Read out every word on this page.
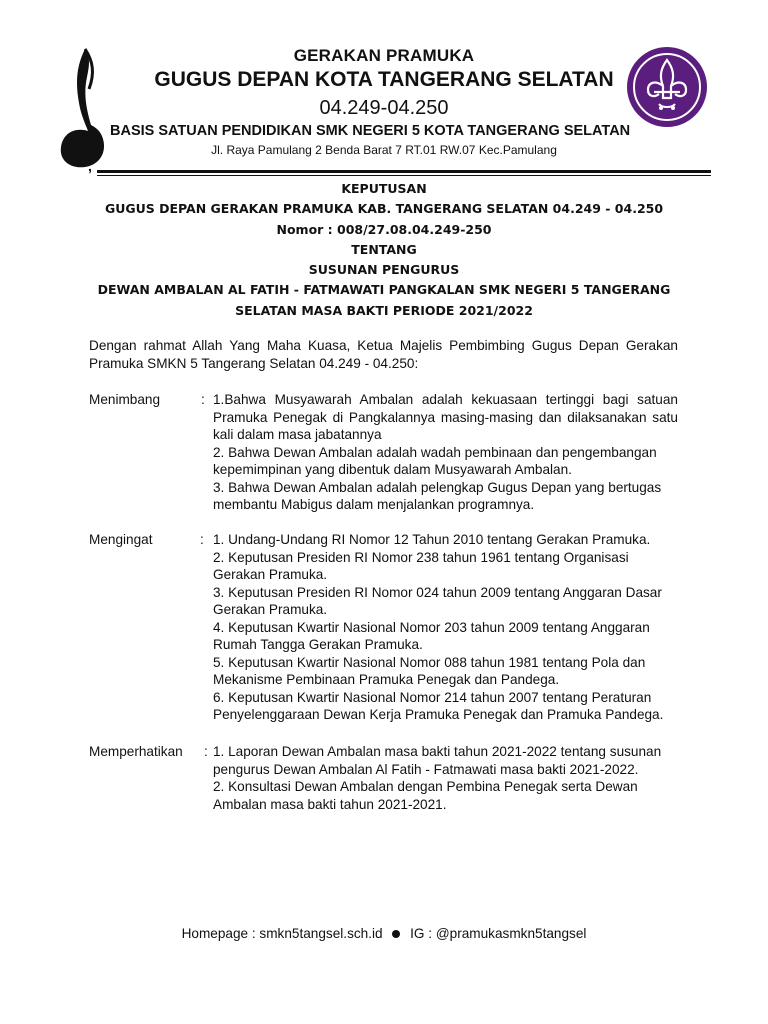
GERAKAN PRAMUKA
GUGUS DEPAN KOTA TANGERANG SELATAN
04.249-04.250
BASIS SATUAN PENDIDIKAN SMK NEGERI 5 KOTA TANGERANG SELATAN
Jl. Raya Pamulang 2 Benda Barat 7 RT.01 RW.07 Kec.Pamulang
,
KEPUTUSAN
GUGUS DEPAN GERAKAN PRAMUKA KAB. TANGERANG SELATAN 04.249 - 04.250
Nomor : 008/27.08.04.249-250
TENTANG
SUSUNAN PENGURUS
DEWAN AMBALAN AL FATIH - FATMAWATI PANGKALAN SMK NEGERI 5 TANGERANG
SELATAN MASA BAKTI PERIODE 2021/2022
Dengan rahmat Allah Yang Maha Kuasa, Ketua Majelis Pembimbing Gugus Depan Gerakan Pramuka SMKN 5 Tangerang Selatan 04.249 - 04.250:
Menimbang	: 1.Bahwa Musyawarah Ambalan adalah kekuasaan tertinggi bagi satuan Pramuka Penegak di Pangkalannya masing-masing dan dilaksanakan satu kali dalam masa jabatannya

2. Bahwa Dewan Ambalan adalah wadah pembinaan dan pengembangan kepemimpinan yang dibentuk dalam Musyawarah Ambalan.

3. Bahwa Dewan Ambalan adalah pelengkap Gugus Depan yang bertugas membantu Mabigus dalam menjalankan programnya.

Mengingat	: 1. Undang-Undang RI Nomor 12 Tahun 2010 tentang Gerakan Pramuka.

2. Keputusan Presiden RI Nomor 238 tahun 1961 tentang Organisasi Gerakan Pramuka.

3. Keputusan Presiden RI Nomor 024 tahun 2009 tentang Anggaran Dasar Gerakan Pramuka.

4. Keputusan Kwartir Nasional Nomor 203 tahun 2009 tentang Anggaran Rumah Tangga Gerakan Pramuka.

5. Keputusan Kwartir Nasional Nomor 088 tahun 1981 tentang Pola dan Mekanisme Pembinaan Pramuka Penegak dan Pandega.

6. Keputusan Kwartir Nasional Nomor 214 tahun 2007 tentang Peraturan Penyelenggaraan Dewan Kerja Pramuka Penegak dan Pramuka Pandega.

Memperhatikan : 1. Laporan Dewan Ambalan masa bakti tahun 2021-2022 tentang susunan pengurus Dewan Ambalan Al Fatih - Fatmawati masa bakti 2021-2022.

2. Konsultasi Dewan Ambalan dengan Pembina Penegak serta Dewan Ambalan masa bakti tahun 2021-2021.

Homepage : smkn5tangsel.sch.id IG : @pramukasmkn5tangsel
